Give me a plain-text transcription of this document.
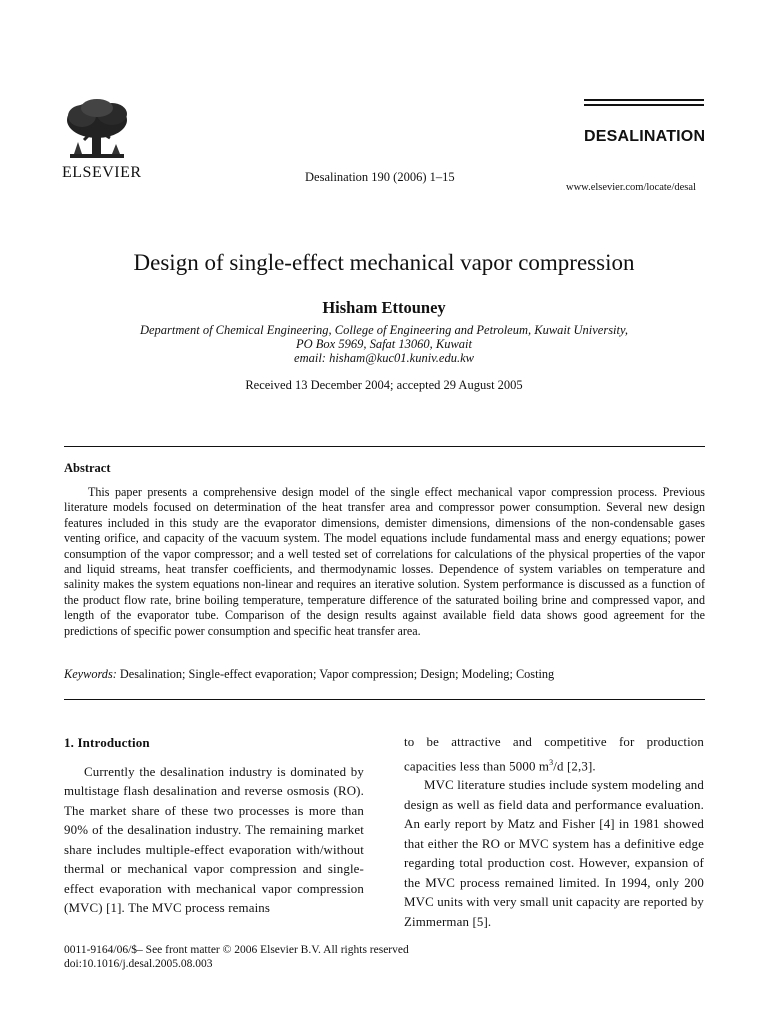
ELSEVIER	Desalination 190 (2006) 1–15
DESALINATION
www.elsevier.com/locate/desal
Design of single-effect mechanical vapor compression
Hisham Ettouney
Department of Chemical Engineering, College of Engineering and Petroleum, Kuwait University,
PO Box 5969, Safat 13060, Kuwait
email: hisham@kuc01.kuniv.edu.kw
Received 13 December 2004; accepted 29 August 2005
Abstract
This paper presents a comprehensive design model of the single effect mechanical vapor compression process. Previous literature models focused on determination of the heat transfer area and compressor power consumption. Several new design features included in this study are the evaporator dimensions, demister dimensions, dimensions of the non-condensable gases venting orifice, and capacity of the vacuum system. The model equations include fundamental mass and energy equations; power consumption of the vapor compressor; and a well tested set of correlations for calculations of the physical properties of the vapor and liquid streams, heat transfer coefficients, and thermodynamic losses. Dependence of system variables on temperature and salinity makes the system equations non-linear and requires an iterative solution. System performance is discussed as a function of the product flow rate, brine boiling temperature, temperature difference of the saturated boiling brine and compressed vapor, and length of the evaporator tube. Comparison of the design results against available field data shows good agreement for the predictions of specific power consumption and specific heat transfer area.
Keywords: Desalination; Single-effect evaporation; Vapor compression; Design; Modeling; Costing
1. Introduction

Currently the desalination industry is dominated by multistage flash desalination and reverse osmosis (RO). The market share of these two processes is more than 90% of the desalination industry. The remaining market share includes multiple-effect evaporation with/without thermal or mechanical vapor compression and single-effect evaporation with mechanical vapor compression (MVC) [1]. The MVC process remains

to be attractive and competitive for production capacities less than 5000 $m^3/d$ [2,3].

MVC literature studies include system modeling and design as well as field data and performance evaluation. An early report by Matz and Fisher [4] in 1981 showed that either the RO or MVC system has a definitive edge regarding total production cost. However, expansion of the MVC process remained limited. In 1994, only 200 MVC units with very small unit capacity are reported by Zimmerman [5].

0011-9164/06/$– See front matter © 2006 Elsevier B.V. All rights reserved
doi:10.1016/j.desal.2005.08.003
